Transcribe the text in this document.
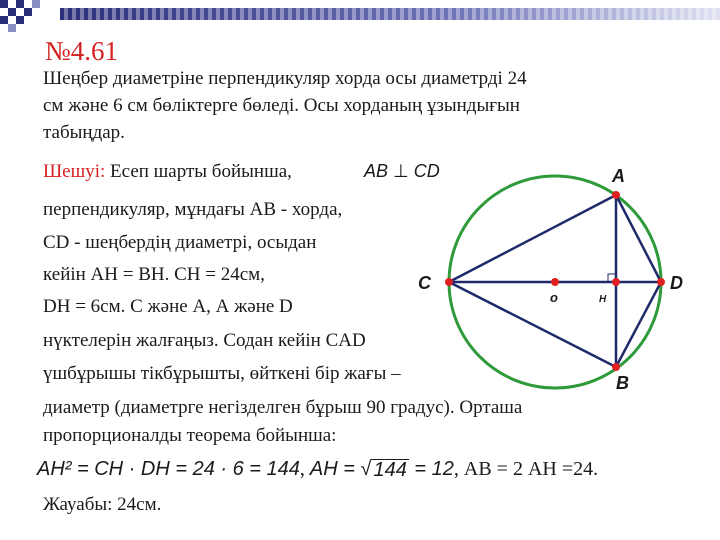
№4.61
Шеңбер диаметріне перпендикуляр хорда осы диаметрді 24
см және 6 см бөліктерге бөледі. Осы хорданың ұзындығын
табыңдар.
Шешуі: Есеп шарты бойынша,	AB ⊥ CD
перпендикуляр, мұндағы АВ - хорда,
CD - шеңбердің диаметрі, осыдан
кейін АН = ВН. СН = 24см,
DH = 6см. С және А, А және D
нүктелерін жалғаңыз. Содан кейін CAD
үшбұрышы тікбұрышты, өйткені бір жағы –
диаметр (диаметрге негізделген бұрыш 90 градус). Орташа
пропорционалды теорема бойынша:
AH² = CH · DH = 24 · 6 = 144, AH = √ 144 = 12, АВ = 2 АН =24.
Жауабы: 24см.
A
B
C	D
o	H
